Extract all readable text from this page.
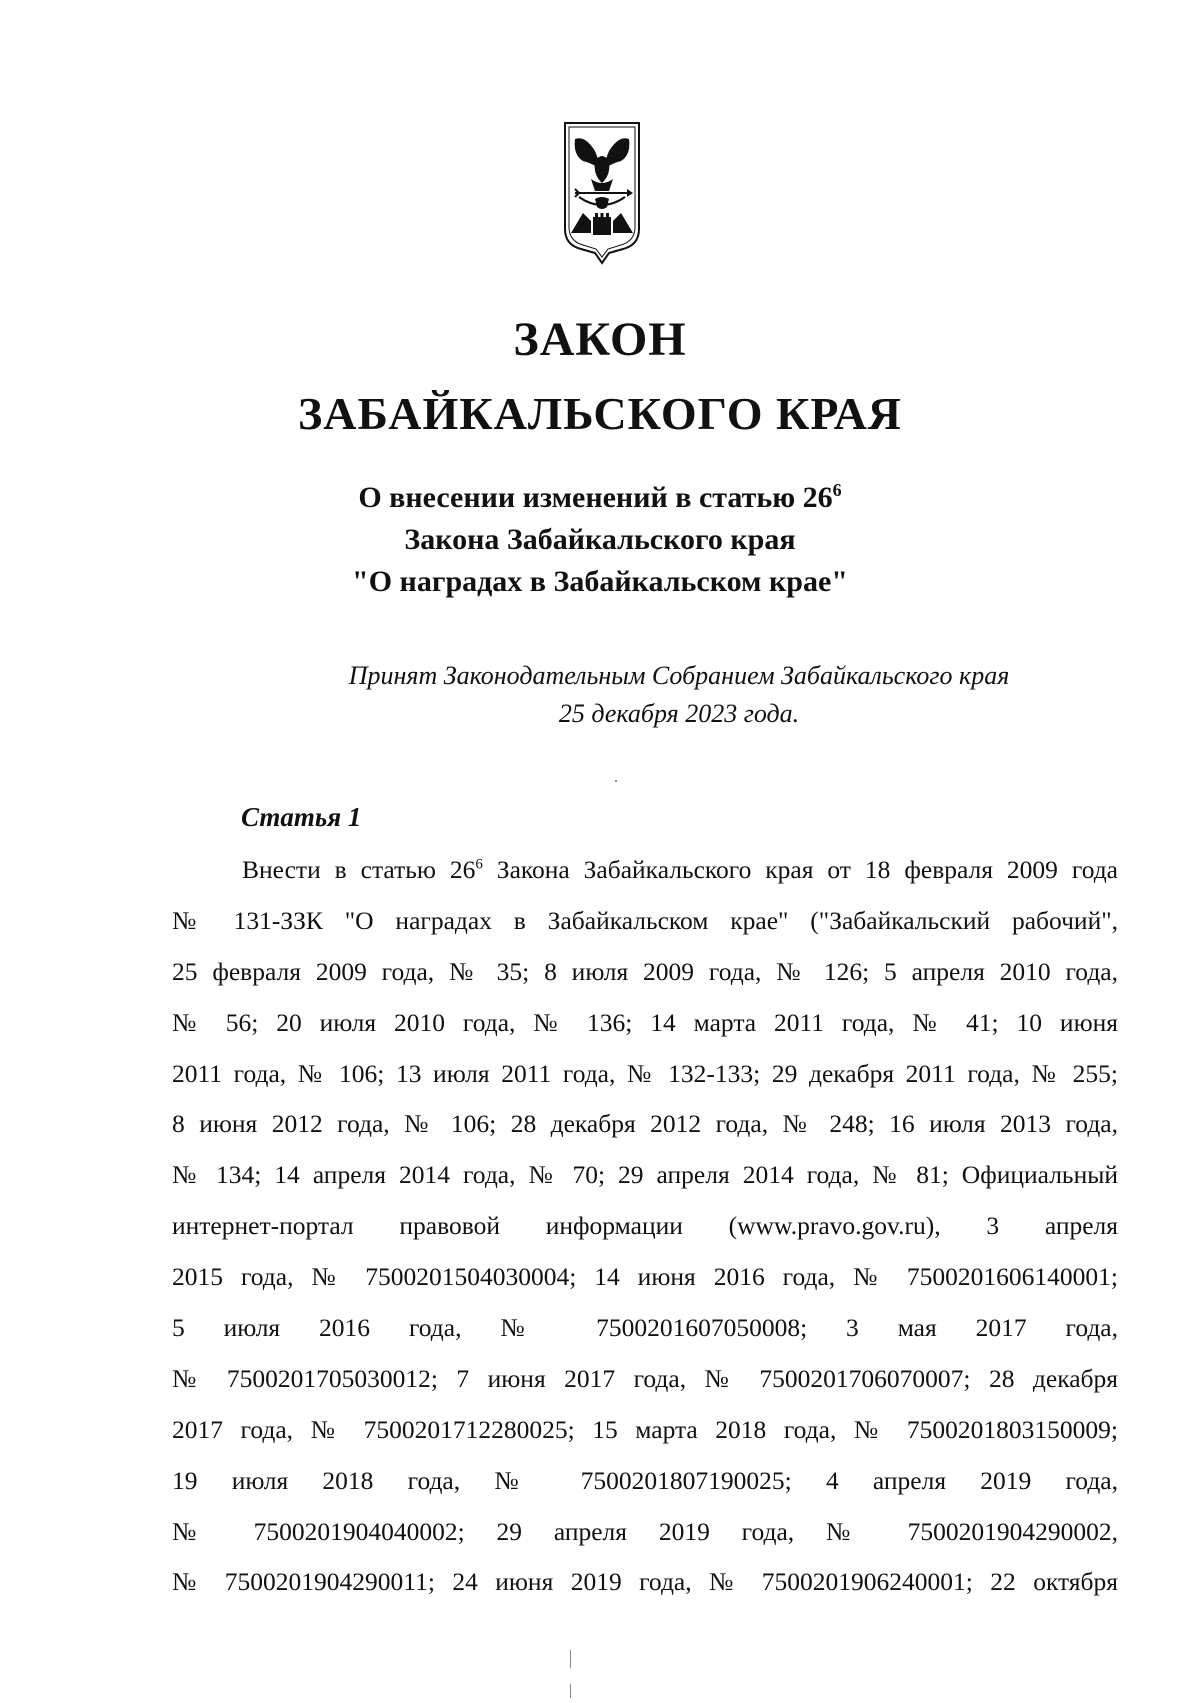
ЗАКОН
ЗАБАЙКАЛЬСКОГО КРАЯ
О внесении изменений в статью $26^6$
Закона Забайкальского края
"О наградах в Забайкальском крае"
Принят Законодательным Собранием Забайкальского края
25 декабря 2023 года.
Статья 1
Внести в статью $26^6$ Закона Забайкальского края от 18 февраля 2009 года
№ 131-ЗЗК "О наградах в Забайкальском крае" ("Забайкальский рабочий",
25 февраля 2009 года, № 35; 8 июля 2009 года, № 126; 5 апреля 2010 года,
№ 56; 20 июля 2010 года, № 136; 14 марта 2011 года, № 41; 10 июня
2011 года, № 106; 13 июля 2011 года, № 132-133; 29 декабря 2011 года, № 255;
8 июня 2012 года, № 106; 28 декабря 2012 года, № 248; 16 июля 2013 года,
№ 134; 14 апреля 2014 года, № 70; 29 апреля 2014 года, № 81; Официальный
интернет-портал правовой информации (www.pravo.gov.ru), 3 апреля
2015 года, № 7500201504030004; 14 июня 2016 года, № 7500201606140001;
5 июля 2016 года, № 7500201607050008; 3 мая 2017 года,
№ 7500201705030012; 7 июня 2017 года, № 7500201706070007; 28 декабря
2017 года, № 7500201712280025; 15 марта 2018 года, № 7500201803150009;
19 июля 2018 года, № 7500201807190025; 4 апреля 2019 года,
№ 7500201904040002; 29 апреля 2019 года, № 7500201904290002,
№ 7500201904290011; 24 июня 2019 года, № 7500201906240001; 22 октября
